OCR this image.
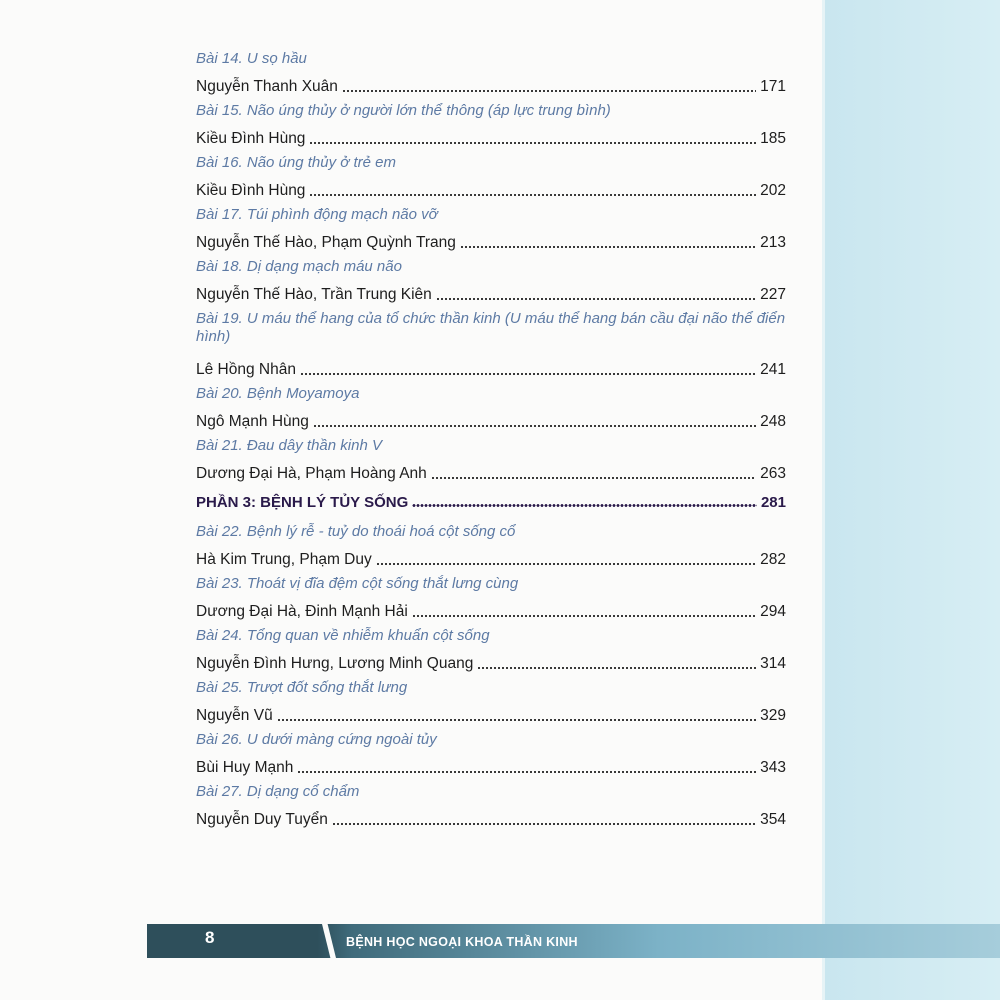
Bài 14. U sọ hầu
Nguyễn Thanh Xuân	171
Bài 15. Não úng thủy ở người lớn thể thông (áp lực trung bình)
Kiều Đình Hùng	185
Bài 16. Não úng thủy ở trẻ em
Kiều Đình Hùng	202
Bài 17. Túi phình động mạch não vỡ
Nguyễn Thế Hào, Phạm Quỳnh Trang	213
Bài 18. Dị dạng mạch máu não
Nguyễn Thế Hào, Trần Trung Kiên	227
Bài 19. U máu thể hang của tổ chức thần kinh (U máu thể hang bán cầu đại não thể điển hình)
Lê Hồng Nhân	241
Bài 20. Bệnh Moyamoya
Ngô Mạnh Hùng	248
Bài 21. Đau dây thần kinh V
Dương Đại Hà, Phạm Hoàng Anh	263
PHẦN 3: BỆNH LÝ TỦY SỐNG	281
Bài 22. Bệnh lý rễ - tuỷ do thoái hoá cột sống cổ
Hà Kim Trung, Phạm Duy	282
Bài 23. Thoát vị đĩa đệm cột sống thắt lưng cùng
Dương Đại Hà, Đinh Mạnh Hải	294
Bài 24. Tổng quan về nhiễm khuẩn cột sống
Nguyễn Đình Hưng, Lương Minh Quang	314
Bài 25. Trượt đốt sống thắt lưng
Nguyễn Vũ	329
Bài 26. U dưới màng cứng ngoài tủy
Bùi Huy Mạnh	343
Bài 27. Dị dạng cổ chẩm
Nguyễn Duy Tuyển	354
8	BỆNH HỌC NGOẠI KHOA THẦN KINH
